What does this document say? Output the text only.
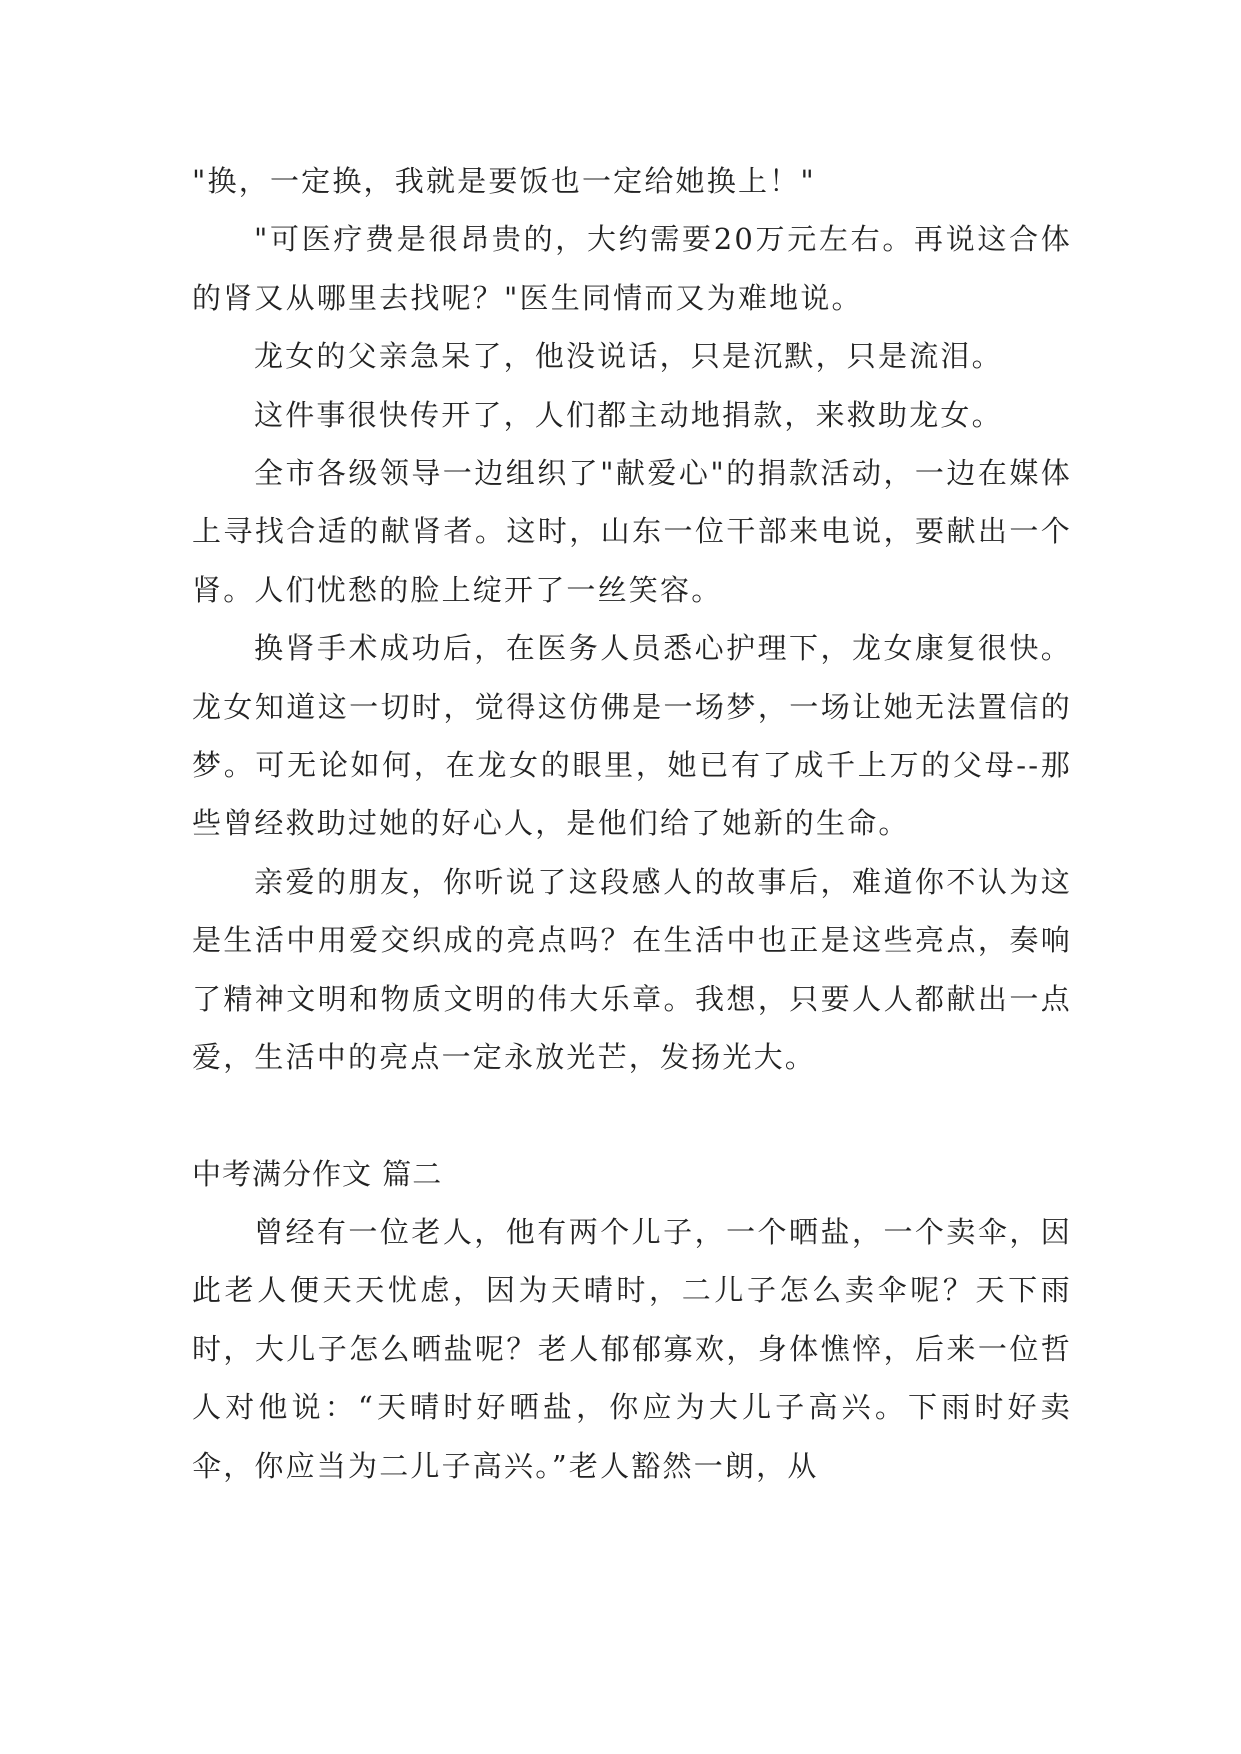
"换，一定换，我就是要饭也一定给她换上！"

"可医疗费是很昂贵的，大约需要20万元左右。再说这合体的肾又从哪里去找呢？"医生同情而又为难地说。

龙女的父亲急呆了，他没说话，只是沉默，只是流泪。

这件事很快传开了，人们都主动地捐款，来救助龙女。

全市各级领导一边组织了"献爱心"的捐款活动，一边在媒体上寻找合适的献肾者。这时，山东一位干部来电说，要献出一个肾。人们忧愁的脸上绽开了一丝笑容。

换肾手术成功后，在医务人员悉心护理下，龙女康复很快。龙女知道这一切时，觉得这仿佛是一场梦，一场让她无法置信的梦。可无论如何，在龙女的眼里，她已有了成千上万的父母--那些曾经救助过她的好心人，是他们给了她新的生命。

亲爱的朋友，你听说了这段感人的故事后，难道你不认为这是生活中用爱交织成的亮点吗？在生活中也正是这些亮点，奏响了精神文明和物质文明的伟大乐章。我想，只要人人都献出一点爱，生活中的亮点一定永放光芒，发扬光大。

中考满分作文 篇二

曾经有一位老人，他有两个儿子，一个晒盐，一个卖伞，因此老人便天天忧虑，因为天晴时，二儿子怎么卖伞呢？天下雨时，大儿子怎么晒盐呢？老人郁郁寡欢，身体憔悴，后来一位哲人对他说：“天晴时好晒盐，你应为大儿子高兴。下雨时好卖伞，你应当为二儿子高兴。”老人豁然一朗，从
